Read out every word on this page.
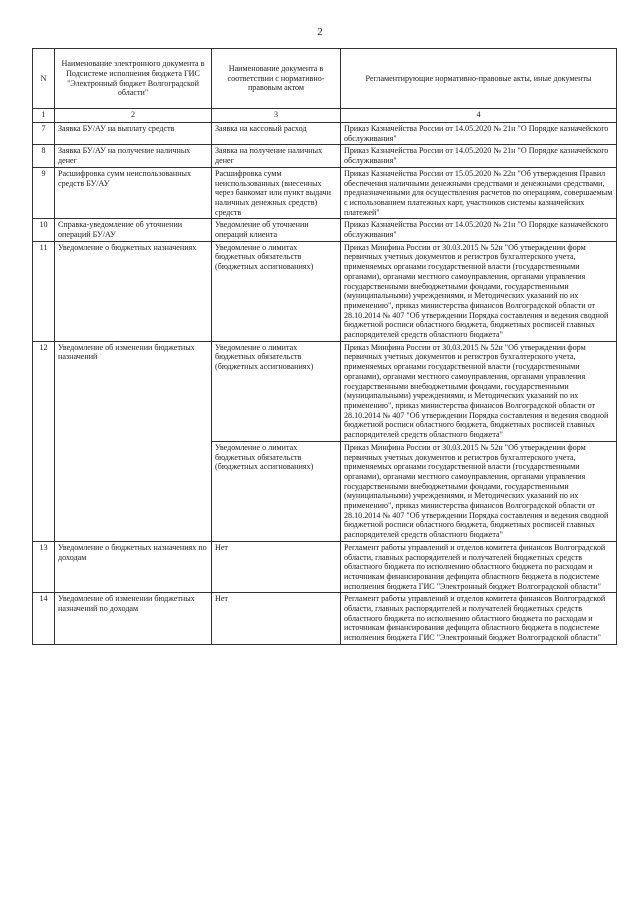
2
N	Наименование электронного документа в Подсистеме исполнения бюджета ГИС "Электронный бюджет Волгоградской области"	Наименование документа в соответствии с нормативно-правовым актом	Регламентирующие нормативно-правовые акты, иные документы
1	2	3	4
7	Заявка БУ/АУ на выплату средств	Заявка на кассовый расход	Приказ Казначейства России от 14.05.2020 № 21н "О Порядке казначейского обслуживания"
8	Заявка БУ/АУ на получение наличных денег	Заявка на получение наличных денег	Приказ Казначейства России от 14.05.2020 № 21н "О Порядке казначейского обслуживания"
9	Расшифровка сумм неиспользованных средств БУ/АУ	Расшифровка сумм неиспользованных (внесенных через банкомат или пункт выдачи наличных денежных средств) средств	Приказ Казначейства России от 15.05.2020 № 22н "Об утверждения Правил обеспечения наличными денежными средствами и денежными средствами, предназначенными для осуществления расчетов по операциям, совершаемым с использованием платежных карт, участников системы казначейских платежей"
10	Справка-уведомление об уточнении операций БУ/АУ	Уведомление об уточнении операций клиента	Приказ Казначейства России от 14.05.2020 № 21н "О Порядке казначейского обслуживания"
11	Уведомление о бюджетных назначениях	Уведомление о лимитах бюджетных обязательств (бюджетных ассигнованиях)	Приказ Минфина России от 30.03.2015 № 52н "Об утверждении форм первичных учетных документов и регистров бухгалтерского учета, применяемых органами государственной власти (государственными органами), органами местного самоуправления, органами управления государственными внебюджетными фондами, государственными (муниципальными) учреждениями, и Методических указаний по их применению", приказ министерства финансов Волгоградской области от 28.10.2014 № 407 "Об утверждении Порядка составления и ведения сводной бюджетной росписи областного бюджета, бюджетных росписей главных распорядителей средств областного бюджета"
12	Уведомление об изменении бюджетных назначений	Уведомление о лимитах бюджетных обязательств (бюджетных ассигнованиях)	Приказ Минфина России от 30.03.2015 № 52н "Об утверждении форм первичных учетных документов и регистров бухгалтерского учета, применяемых органами государственной власти (государственными органами), органами местного самоуправления, органами управления государственными внебюджетными фондами, государственными (муниципальными) учреждениями, и Методических указаний по их применению", приказ министерства финансов Волгоградской области от 28.10.2014 № 407 "Об утверждении Порядка составления и ведения сводной бюджетной росписи областного бюджета, бюджетных росписей главных распорядителей средств областного бюджета"
		Уведомление о лимитах бюджетных обязательств (бюджетных ассигнованиях)	Приказ Минфина России от 30.03.2015 № 52н "Об утверждении форм первичных учетных документов и регистров бухгалтерского учета, применяемых органами государственной власти (государственными органами), органами местного самоуправления, органами управления государственными внебюджетными фондами, государственными (муниципальными) учреждениями, и Методических указаний по их применению", приказ министерства финансов Волгоградской области от 28.10.2014 № 407 "Об утверждении Порядка составления и ведения сводной бюджетной росписи областного бюджета, бюджетных росписей главных распорядителей средств областного бюджета"
13	Уведомление о бюджетных назначениях по доходам	Нет	Регламент работы управлений и отделов комитета финансов Волгоградской области, главных распорядителей и получателей бюджетных средств областного бюджета по исполнению областного бюджета по расходам и источникам финансирования дефицита областного бюджета в подсистеме исполнения бюджета ГИС "Электронный бюджет Волгоградской области"
14	Уведомление об изменении бюджетных назначений по доходам	Нет	Регламент работы управлений и отделов комитета финансов Волгоградской области, главных распорядителей и получателей бюджетных средств областного бюджета по исполнению областного бюджета по расходам и источникам финансирования дефицита областного бюджета в подсистеме исполнения бюджета ГИС "Электронный бюджет Волгоградской области"
